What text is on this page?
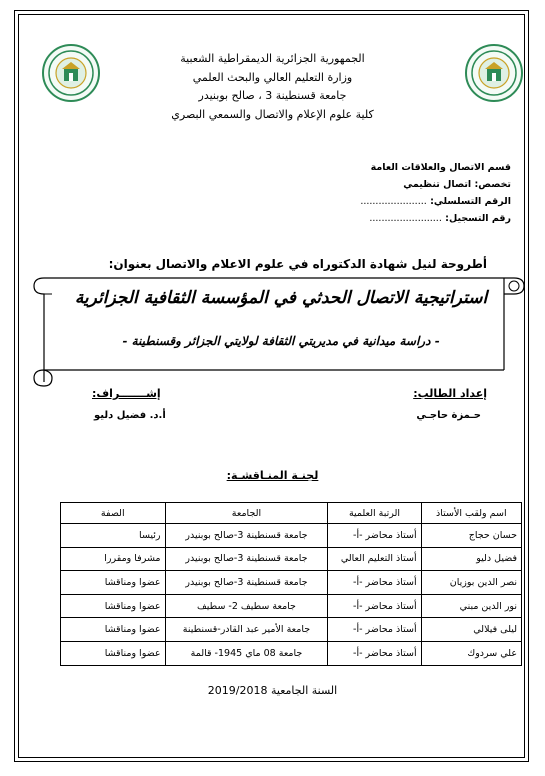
الجمهورية الجزائرية الديمقراطية الشعبية
وزارة التعليم العالي والبحث العلمي
جامعة قسنطينة 3 ، صالح بوبنيدر
كلية علوم الإعلام والاتصال والسمعي البصري
قسم الاتصال والعلاقات العامة
تخصص: اتصال تنظيمي
الرقم التسلسلي: ......................
رقم التسجيل: ........................
أطروحة لنيل شهادة الدكتوراه في علوم الاعلام والاتصال بعنوان:
استراتيجية الاتصال الحدثي في المؤسسة الثقافية الجزائرية
- دراسة ميدانية في مديريتي الثقافة لولايتي الجزائر وقسنطينة -
إعداد الطالب:
إشـــــــراف:
حـمزة حاجـي
أ.د. فضيل دليو
لجنـة المنـاقشـة:
اسم ولقب الأستاذ	الرتبة العلمية	الجامعة	الصفة
حسان حجاج	أستاذ محاضر -أ-	جامعة قسنطينة 3-صالح بوبنيدر	رئيسا
فضيل دليو	أستاذ التعليم العالي	جامعة قسنطينة 3-صالح بوبنيدر	مشرفا ومقررا
نصر الدين بوزيان	أستاذ محاضر -أ-	جامعة قسنطينة 3-صالح بوبنيدر	عضوا ومناقشا
نور الدين مبني	أستاذ محاضر -أ-	جامعة سطيف 2- سطيف	عضوا ومناقشا
ليلى فيلالي	أستاذ محاضر -أ-	جامعة الأمير عبد القادر-قسنطينة	عضوا ومناقشا
علي سردوك	أستاذ محاضر -أ-	جامعة 08 ماي 1945- قالمة	عضوا ومناقشا
السنة الجامعية 2019/2018
